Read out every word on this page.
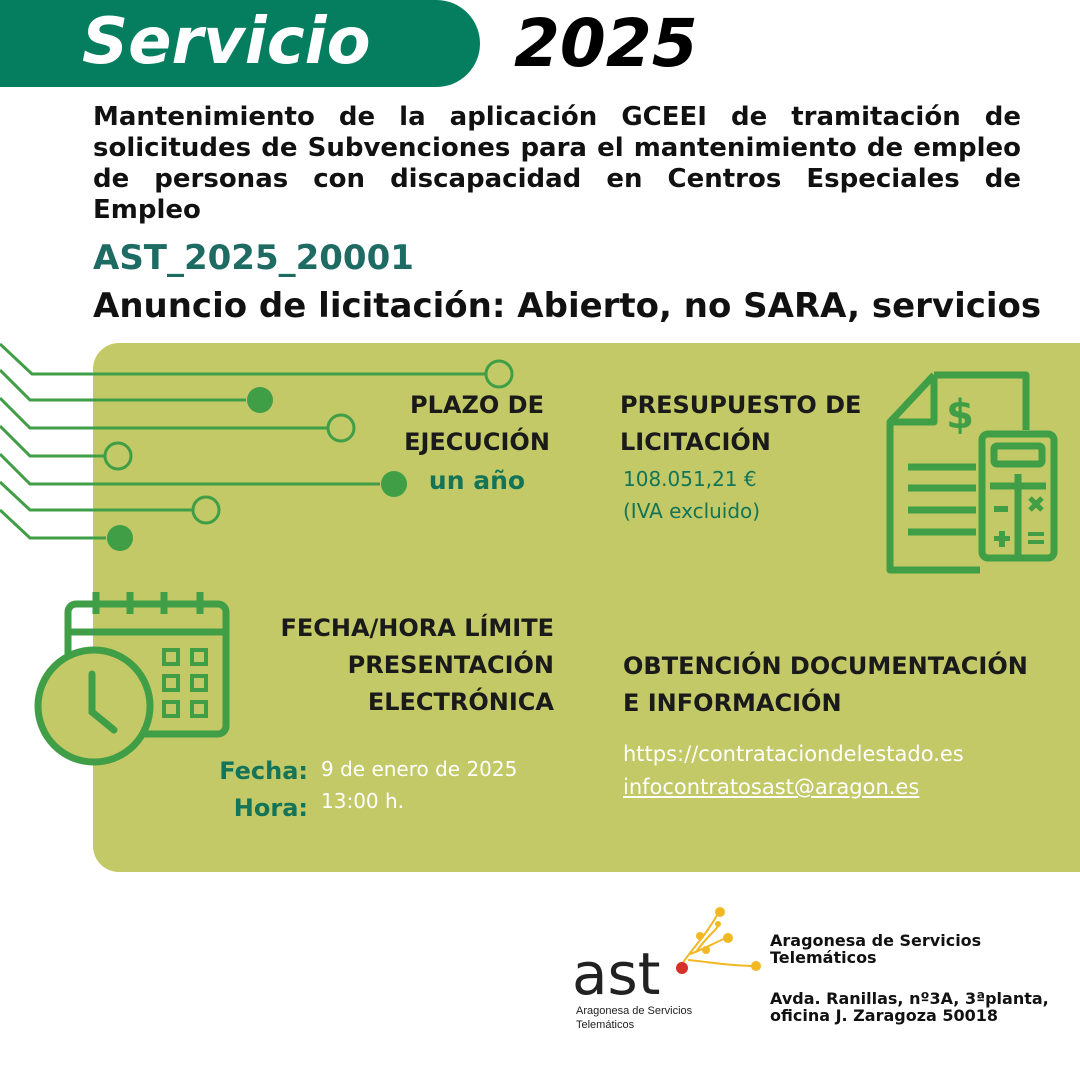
Servicio 2025
Mantenimiento de la aplicación GCEEI de tramitación de solicitudes de Subvenciones para el mantenimiento de empleo de personas con discapacidad en Centros Especiales de Empleo
AST_2025_20001
Anuncio de licitación: Abierto, no SARA, servicios
PLAZO DE
EJECUCIÓN
un año
PRESUPUESTO DE
LICITACIÓN
108.051,21 €
(IVA excluido)
$
FECHA/HORA LÍMITE
PRESENTACIÓN
ELECTRÓNICA
Fecha:
Hora:
9 de enero de 2025
13:00 h.
OBTENCIÓN DOCUMENTACIÓN
E INFORMACIÓN
https://contrataciondelestado.es
infocontratosast@aragon.es
ast
Aragonesa de Servicios
Telemáticos
Aragonesa de Servicios
Telemáticos
Avda. Ranillas, nº3A, 3ªplanta,
oficina J. Zaragoza 50018
